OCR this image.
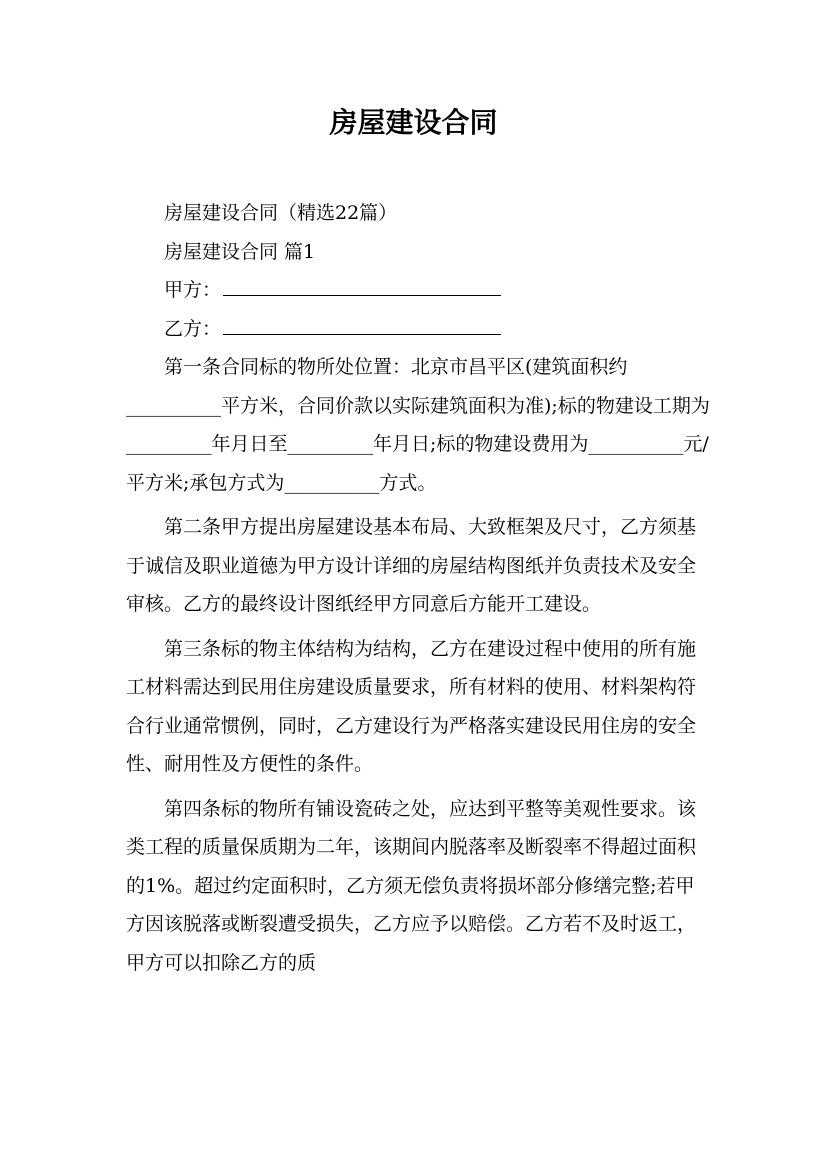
房屋建设合同

房屋建设合同（精选22篇）

房屋建设合同 篇1

甲方：

乙方：

第一条合同标的物所处位置：北京市昌平区(建筑面积约__________平方米，合同价款以实际建筑面积为准);标的物建设工期为_________年月日至_________年月日;标的物建设费用为__________元/平方米;承包方式为__________方式。

第二条甲方提出房屋建设基本布局、大致框架及尺寸，乙方须基于诚信及职业道德为甲方设计详细的房屋结构图纸并负责技术及安全审核。乙方的最终设计图纸经甲方同意后方能开工建设。

第三条标的物主体结构为结构，乙方在建设过程中使用的所有施工材料需达到民用住房建设质量要求，所有材料的使用、材料架构符合行业通常惯例，同时，乙方建设行为严格落实建设民用住房的安全性、耐用性及方便性的条件。

第四条标的物所有铺设瓷砖之处，应达到平整等美观性要求。该类工程的质量保质期为二年，该期间内脱落率及断裂率不得超过面积的1%。超过约定面积时，乙方须无偿负责将损坏部分修缮完整;若甲方因该脱落或断裂遭受损失，乙方应予以赔偿。乙方若不及时返工，甲方可以扣除乙方的质
